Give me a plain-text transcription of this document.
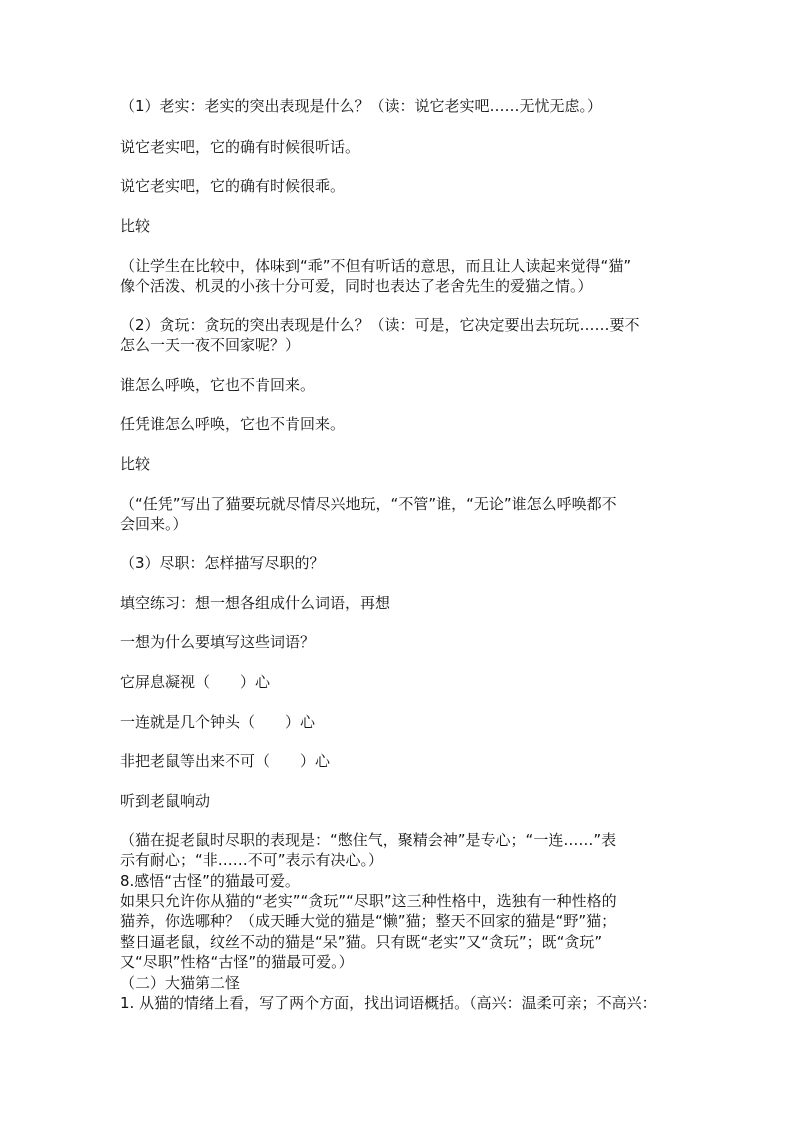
（1）老实：老实的突出表现是什么？（读：说它老实吧……无忧无虑。）
说它老实吧，它的确有时候很听话。
说它老实吧，它的确有时候很乖。
比较
（让学生在比较中，体味到“乖”不但有听话的意思，而且让人读起来觉得“猫”
像个活泼、机灵的小孩十分可爱，同时也表达了老舍先生的爱猫之情。）
（2）贪玩：贪玩的突出表现是什么？（读：可是，它决定要出去玩玩……要不
怎么一天一夜不回家呢？）
谁怎么呼唤，它也不肯回来。
任凭谁怎么呼唤，它也不肯回来。
比较
（“任凭”写出了猫要玩就尽情尽兴地玩，“不管”谁，“无论”谁怎么呼唤都不
会回来。）
（3）尽职：怎样描写尽职的？
填空练习：想一想各组成什么词语，再想
一想为什么要填写这些词语？
它屏息凝视（　　）心
一连就是几个钟头（　　）心
非把老鼠等出来不可（　　）心
听到老鼠响动
（猫在捉老鼠时尽职的表现是：“憋住气，聚精会神”是专心；“一连……”表
示有耐心；“非……不可”表示有决心。）
8.感悟“古怪”的猫最可爱。
如果只允许你从猫的“老实”“贪玩”“尽职”这三种性格中，选独有一种性格的
猫养，你选哪种？（成天睡大觉的猫是“懒”猫；整天不回家的猫是“野”猫；
整日逼老鼠，纹丝不动的猫是“呆”猫。只有既“老实”又“贪玩”；既“贪玩”
又“尽职”性格“古怪”的猫最可爱。）
（二）大猫第二怪
1. 从猫的情绪上看，写了两个方面，找出词语概括。（高兴：温柔可亲；不高兴：
